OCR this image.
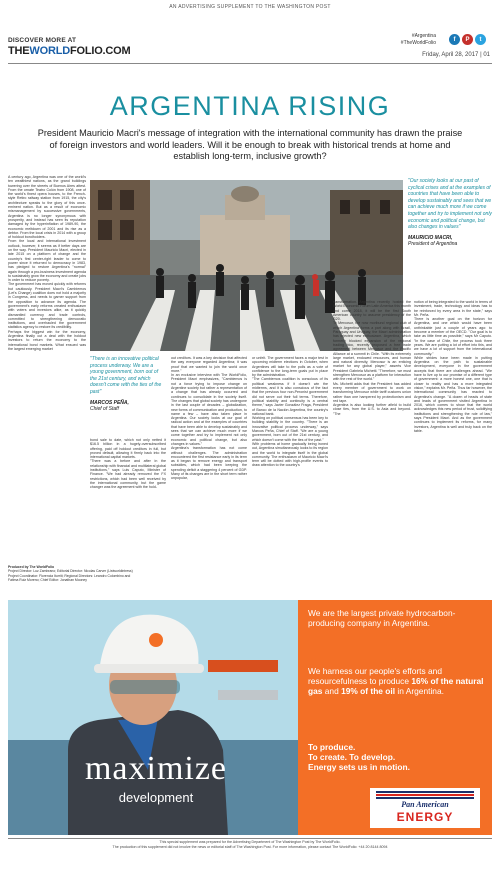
AN ADVERTISING SUPPLEMENT TO THE WASHINGTON POST
DISCOVER MORE AT
THEWORLDFOLIO.COM
#Argentina
#TheWorldFolio	f	P	t
Friday, April 28, 2017 | 01
ARGENTINA RISING
President Mauricio Macri's message of integration with the international community has drawn the praise of foreign investors and world leaders. Will it be enough to break with historical trends at home and establish long-term, inclusive growth?
A century ago, Argentina was one of the world's ten wealthiest nations, as the grand buildings towering over the streets of Buenos Aires attest. From the ornate Teatro Colón from 1908, one of the world's finest opera houses, to the French-style Retiro railway station from 1915, the city's architecture speaks to the glory of this once-eminent nation. But as a result of economic mismanagement by successive governments, Argentina is no longer synonymous with prosperity, and instead has seen its reputation damaged by the hyperinflation of 1989-90, the economic meltdown of 2001 and its rise as a debtor. From the local crisis in 2014 with a group of holdout bondholders.
From the local and international investment outlook, however, it seems as if better days are on the way. President Mauricio Macri, elected in late 2015 on a platform of change and the country's first center-right leader to come to power since it returned to democracy in 1983, has pledged to restore Argentina's "normal" again through a pro-business investment agenda to sustainably grow the economy and create jobs in order to reduce poverty.
The government has moved quickly with reforms but cautiously. President Macri's Cambiemos (Let's Change) coalition does not hold a majority in Congress, and needs to garner support from the opposition to advance its agenda. The government's early reforms created enthusiasm with voters and investors alike, as it quickly dismantled currency and trade controls, committed to strengthening democratic institutions, and overhauled the government statistics agency to restore its credibility.
Perhaps the biggest win for the economy, Argentina finally cut a deal with the holdout investors to return the economy to the international bond markets. What ensued was the largest emerging market
"Our society looks at our past of cyclical crises and at the examples of countries that have been able to develop sustainably and sees that we can achieve much more if we come together and try to implement not only economic and political change, but also changes in values"
MAURICIO MACRI,
President of Argentina
"There is an innovative political process underway. We are a young government, born out of the 21st century, and which doesn't come with the ties of the past"
MARCOS PEÑA,
Chief of Staff
bond sale to date, which not only netted it $16.5 billion in a hugely-oversubscribed offering, paid off holdout creditors in full, but proved default, allowing it firmly back into the international capital markets.
"There was a before and after in the relationship with financial and multilateral global institutions," says Luis Caputo, Minister of Finance. "We had already removed the FX restrictions, which had been well received by the international community, but the game changer was the agreement with the hold-
out creditors. It was a key decision that affected the way everyone regarded Argentina; it was proof that we wanted to join the world once more."
In an exclusive interview with The WorldFolio, President Macri emphasizes, "Cambiemos is not a force trying to impose change on Argentine society but rather a representation of a change that has already occurred and continues to consolidate in the society itself. The changes that global society has undergone in the last couple of decades – globalization, new forms of communication and production, to name a few – have also taken place in Argentina. Our society looks at our goal of radical action and at the examples of countries that have been able to develop sustainably and sees that we can achieve much more if we come together and try to implement not only economic and political change, but also changes in values."
Argentina's transformation has not come without challenges. The administration encountered the first resistance early in its term as it began to remove energy and transport subsidies, which had been keeping the spending deficit a staggering 4 percent of GDP. Many of its changes are in the short term rather unpopular,
or unfelt. The government faces a major test in upcoming midterm elections in October, when Argentines will take to the polls as a vote of confidence to the long-term goals put in place by the administration.
"The Cambiemos coalition is conscious of its political weakness if it doesn't win the midterms, and it is also conscious of the fact that the previous four non-Peronist government did not serve out their full terms. Therefore, political stability and continuity is a central theme," says Javier González Fraga, President of Banco de la Nación Argentina, the country's national bank.
Working on political consensus has been key to building stability in the country. "There is an innovative political process underway," says Marcos Peña, Chief of Staff. "We are a young government, born out of the 21st century, and which doesn't come with the ties of the past."
With problems at home gradually being ironed out, Argentina simultaneously looks to its region and the world to integrate itself in the global community. The enthusiasm of Mauricio Macri's term will be dotted with high-profile events to draw attention to the country's
transformation. Argentina recently hosted the World Economic Forum Latin America this month and come 2018, it will be the first South American country to assume presidency of the G20.
To Mercosur, the now moribund regional club of which Argentina forms a part along with Brazil, Paraguay and Uruguay, the Macri administration has injected new enthusiasm. Argentina, which formerly blocked expansion of the regional trading bloc, recently proposed a free trade agreement between Mercosur and the Pacific Alliance at a summit in Chile. "With its extremely large market, endowed resources, and human and natural diversity, Mercosur is an enticing market for any global player," asserts Vice President Gabriela Michetti. "Therefore, we must strengthen Mercosur as a platform for interaction with the rest of the world."
Ms. Michetti adds that the President has added every member of government to work on transforming Mercosur while tariff customs union rather than one hampered by protectionism and red tape.
Argentina is also looking further afield to build close ties, from the U.S. to Asia and beyond. "The
notion of being integrated to the world in terms of investment, trade, technology and ideas has to be reinforced by every area in the state," says Mr. Peña.
There is another goal on the horizon for Argentina, and one which would have been unthinkable just a couple of years ago: to become a member of the OECD. "Our goal is to take as little time as possible," says Mr Caputo. "In the case of Chile, the process took three years. We are putting a lot of effort into this, and we have a lot of support from the international community."
While strides have been made in putting Argentina on the path to sustainable development, everyone in the government accepts that there are challenges ahead. "We have to live up to our promise of a different type of government: a more honest one, one that is closer to reality and has a more integrated vision," explains Mr. Peña. Thus far however, the international community has reacted to Argentina's change. "A dozen of heads of state and leads of government visited Argentina in 2016, which comes to show that the world acknowledges this new period of trust, solidifying institutions and strengthening the rule of law," says President Macri. And as the government continues to implement its reforms, for many investors, Argentina is well and truly back on the table.
Produced by The WorldFolio
Project Director: Luz Zambrano; Editorial Director: Nicolas Carver (Listworldintress)
Project Coordinator: Florencia Iturriti; Regional Directors: Leandro Colombino and
Fatima Ruiz Moreno; Chief Editor: Jonathan Mooney
maximize
development
We are the largest private hydrocarbon-producing company in Argentina.
We harness our people's efforts and resourcefulness to produce 16% of the natural gas and 19% of the oil in Argentina.
To produce.
To create. To develop.
Energy sets us in motion.
Pan American
ENERGY
This special supplement was prepared for the Advertising Department of The Washington Post by The WorldFolio.
The production of this supplement did not involve the news or editorial staff of The Washington Post. For more information, please contact The WorldFolio: +44 20 8144 8094
